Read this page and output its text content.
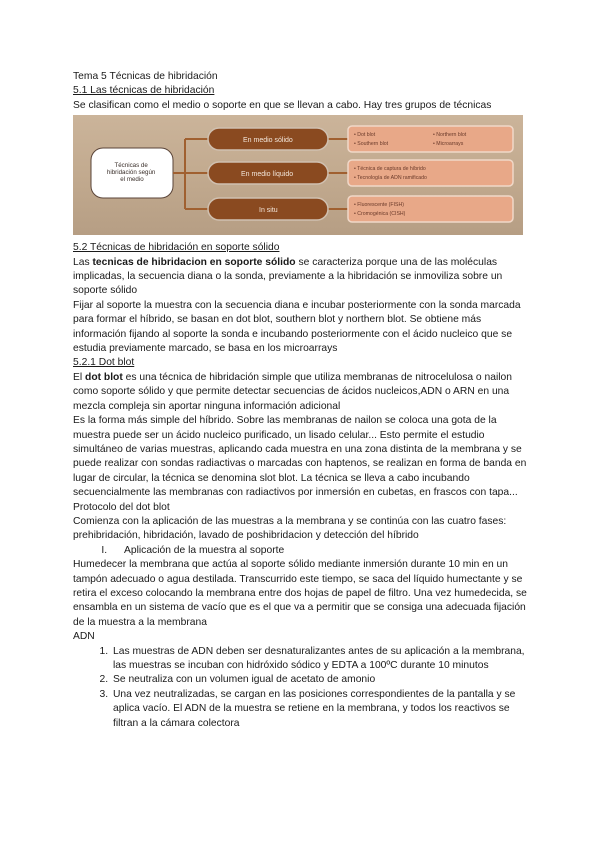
Tema 5 Técnicas de hibridación

5.1 Las técnicas de hibridación

Se clasifican como el medio o soporte en que se llevan a cabo. Hay tres grupos de técnicas

Técnicas de hibridación según el medio
En medio sólido
En medio líquido
In situ
• Dot blot
• Southern blot
• Northern blot
• Microarrays
• Técnica de captura de híbrido
• Tecnología de ADN ramificado
• Fluorescente (FISH)
• Cromogénica (CISH)

5.2 Técnicas de hibridación en soporte sólido

Las tecnicas de hibridacion en soporte sólido se caracteriza porque una de las moléculas implicadas, la secuencia diana o la sonda, previamente a la hibridación se inmoviliza sobre un soporte sólido

Fijar al soporte la muestra con la secuencia diana e incubar posteriormente con la sonda marcada para formar el híbrido, se basan en dot blot, southern blot y northern blot. Se obtiene más información fijando al soporte la sonda e incubando posteriormente con el ácido nucleico que se estudia previamente marcado, se basa en los microarrays

5.2.1 Dot blot

El dot blot es una técnica de hibridación simple que utiliza membranas de nitrocelulosa o nailon como soporte sólido y que permite detectar secuencias de ácidos nucleicos,ADN o ARN en una mezcla compleja sin aportar ninguna información adicional

Es la forma más simple del híbrido. Sobre las membranas de nailon se coloca una gota de la muestra puede ser un ácido nucleico purificado, un lisado celular... Esto permite el estudio simultáneo de varias muestras, aplicando cada muestra en una zona distinta de la membrana y se puede realizar con sondas radiactivas o marcadas con haptenos, se realizan en forma de banda en lugar de circular, la técnica se denomina slot blot. La técnica se lleva a cabo incubando secuencialmente las membranas con radiactivos por inmersión en cubetas, en frascos con tapa...

Protocolo del dot blot

Comienza con la aplicación de las muestras a la membrana y se continúa con las cuatro fases: prehibridación, hibridación, lavado de poshibridacion y detección del híbrido

I. Aplicación de la muestra al soporte

Humedecer la membrana que actúa al soporte sólido mediante inmersión durante 10 min en un tampón adecuado o agua destilada. Transcurrido este tiempo, se saca del líquido humectante y se retira el exceso colocando la membrana entre dos hojas de papel de filtro. Una vez humedecida, se ensambla en un sistema de vacío que es el que va a permitir que se consiga una adecuada fijación de la muestra a la membrana

ADN

1. Las muestras de ADN deben ser desnaturalizantes antes de su aplicación a la membrana, las muestras se incuban con hidróxido sódico y EDTA a 100ºC durante 10 minutos
2. Se neutraliza con un volumen igual de acetato de amonio
3. Una vez neutralizadas, se cargan en las posiciones correspondientes de la pantalla y se aplica vacío. El ADN de la muestra se retiene en la membrana, y todos los reactivos se filtran a la cámara colectora
